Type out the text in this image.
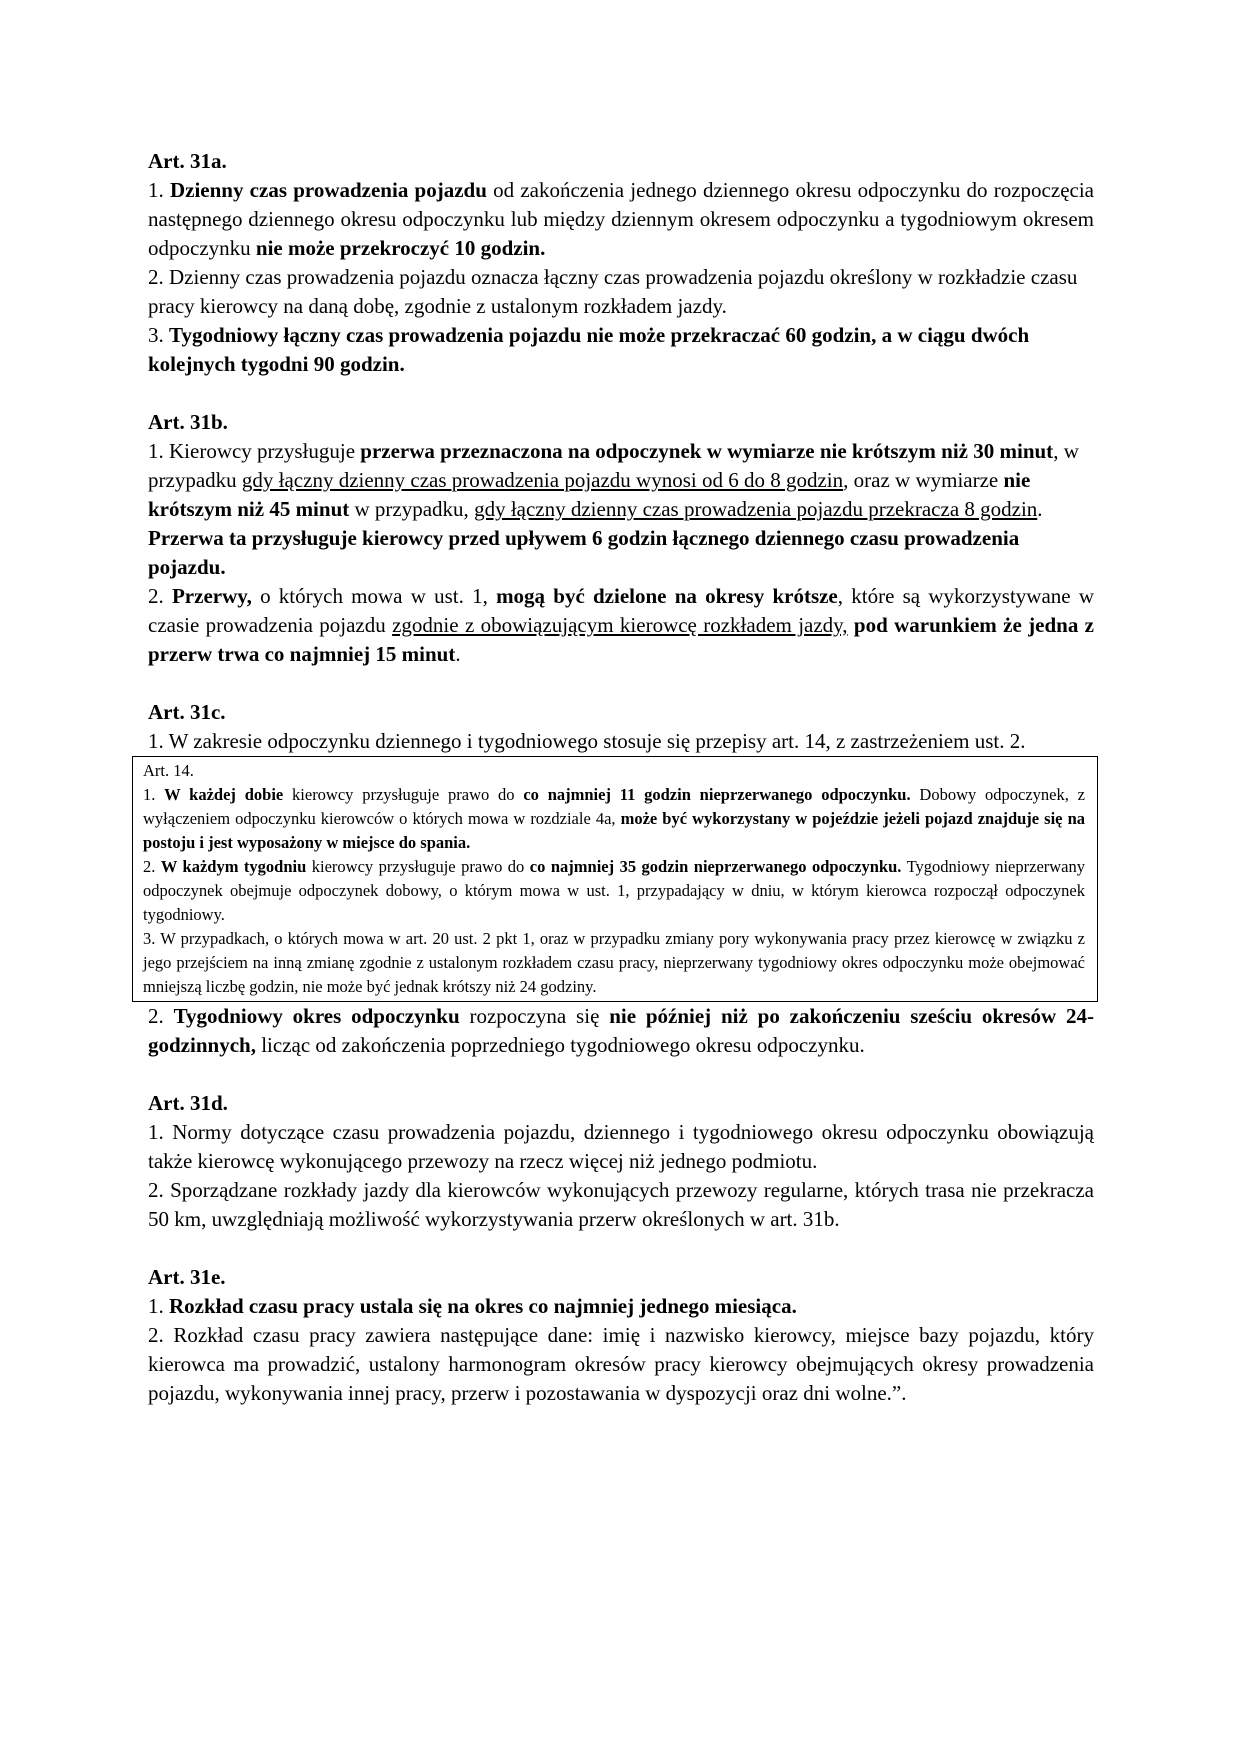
Art. 31a.

1. Dzienny czas prowadzenia pojazdu od zakończenia jednego dziennego okresu odpoczynku do rozpoczęcia następnego dziennego okresu odpoczynku lub między dziennym okresem odpoczynku a tygodniowym okresem odpoczynku nie może przekroczyć 10 godzin.

2. Dzienny czas prowadzenia pojazdu oznacza łączny czas prowadzenia pojazdu określony w rozkładzie czasu pracy kierowcy na daną dobę, zgodnie z ustalonym rozkładem jazdy.

3. Tygodniowy łączny czas prowadzenia pojazdu nie może przekraczać 60 godzin, a w ciągu dwóch kolejnych tygodni 90 godzin.

Art. 31b.

1. Kierowcy przysługuje przerwa przeznaczona na odpoczynek w wymiarze nie krótszym niż 30 minut, w przypadku gdy łączny dzienny czas prowadzenia pojazdu wynosi od 6 do 8 godzin, oraz w wymiarze nie krótszym niż 45 minut w przypadku, gdy łączny dzienny czas prowadzenia pojazdu przekracza 8 godzin. Przerwa ta przysługuje kierowcy przed upływem 6 godzin łącznego dziennego czasu prowadzenia pojazdu.

2. Przerwy, o których mowa w ust. 1, mogą być dzielone na okresy krótsze, które są wykorzystywane w czasie prowadzenia pojazdu zgodnie z obowiązującym kierowcę rozkładem jazdy, pod warunkiem że jedna z przerw trwa co najmniej 15 minut.

Art. 31c.

1. W zakresie odpoczynku dziennego i tygodniowego stosuje się przepisy art. 14, z zastrzeżeniem ust. 2.

Art. 14.

1. W każdej dobie kierowcy przysługuje prawo do co najmniej 11 godzin nieprzerwanego odpoczynku. Dobowy odpoczynek, z wyłączeniem odpoczynku kierowców o których mowa w rozdziale 4a, może być wykorzystany w pojeździe jeżeli pojazd znajduje się na postoju i jest wyposażony w miejsce do spania.

2. W każdym tygodniu kierowcy przysługuje prawo do co najmniej 35 godzin nieprzerwanego odpoczynku. Tygodniowy nieprzerwany odpoczynek obejmuje odpoczynek dobowy, o którym mowa w ust. 1, przypadający w dniu, w którym kierowca rozpoczął odpoczynek tygodniowy.

3. W przypadkach, o których mowa w art. 20 ust. 2 pkt 1, oraz w przypadku zmiany pory wykonywania pracy przez kierowcę w związku z jego przejściem na inną zmianę zgodnie z ustalonym rozkładem czasu pracy, nieprzerwany tygodniowy okres odpoczynku może obejmować mniejszą liczbę godzin, nie może być jednak krótszy niż 24 godziny.

2. Tygodniowy okres odpoczynku rozpoczyna się nie później niż po zakończeniu sześciu okresów 24-godzinnych, licząc od zakończenia poprzedniego tygodniowego okresu odpoczynku.

Art. 31d.

1. Normy dotyczące czasu prowadzenia pojazdu, dziennego i tygodniowego okresu odpoczynku obowiązują także kierowcę wykonującego przewozy na rzecz więcej niż jednego podmiotu.

2. Sporządzane rozkłady jazdy dla kierowców wykonujących przewozy regularne, których trasa nie przekracza 50 km, uwzględniają możliwość wykorzystywania przerw określonych w art. 31b.

Art. 31e.

1. Rozkład czasu pracy ustala się na okres co najmniej jednego miesiąca.

2. Rozkład czasu pracy zawiera następujące dane: imię i nazwisko kierowcy, miejsce bazy pojazdu, który kierowca ma prowadzić, ustalony harmonogram okresów pracy kierowcy obejmujących okresy prowadzenia pojazdu, wykonywania innej pracy, przerw i pozostawania w dyspozycji oraz dni wolne.”.
